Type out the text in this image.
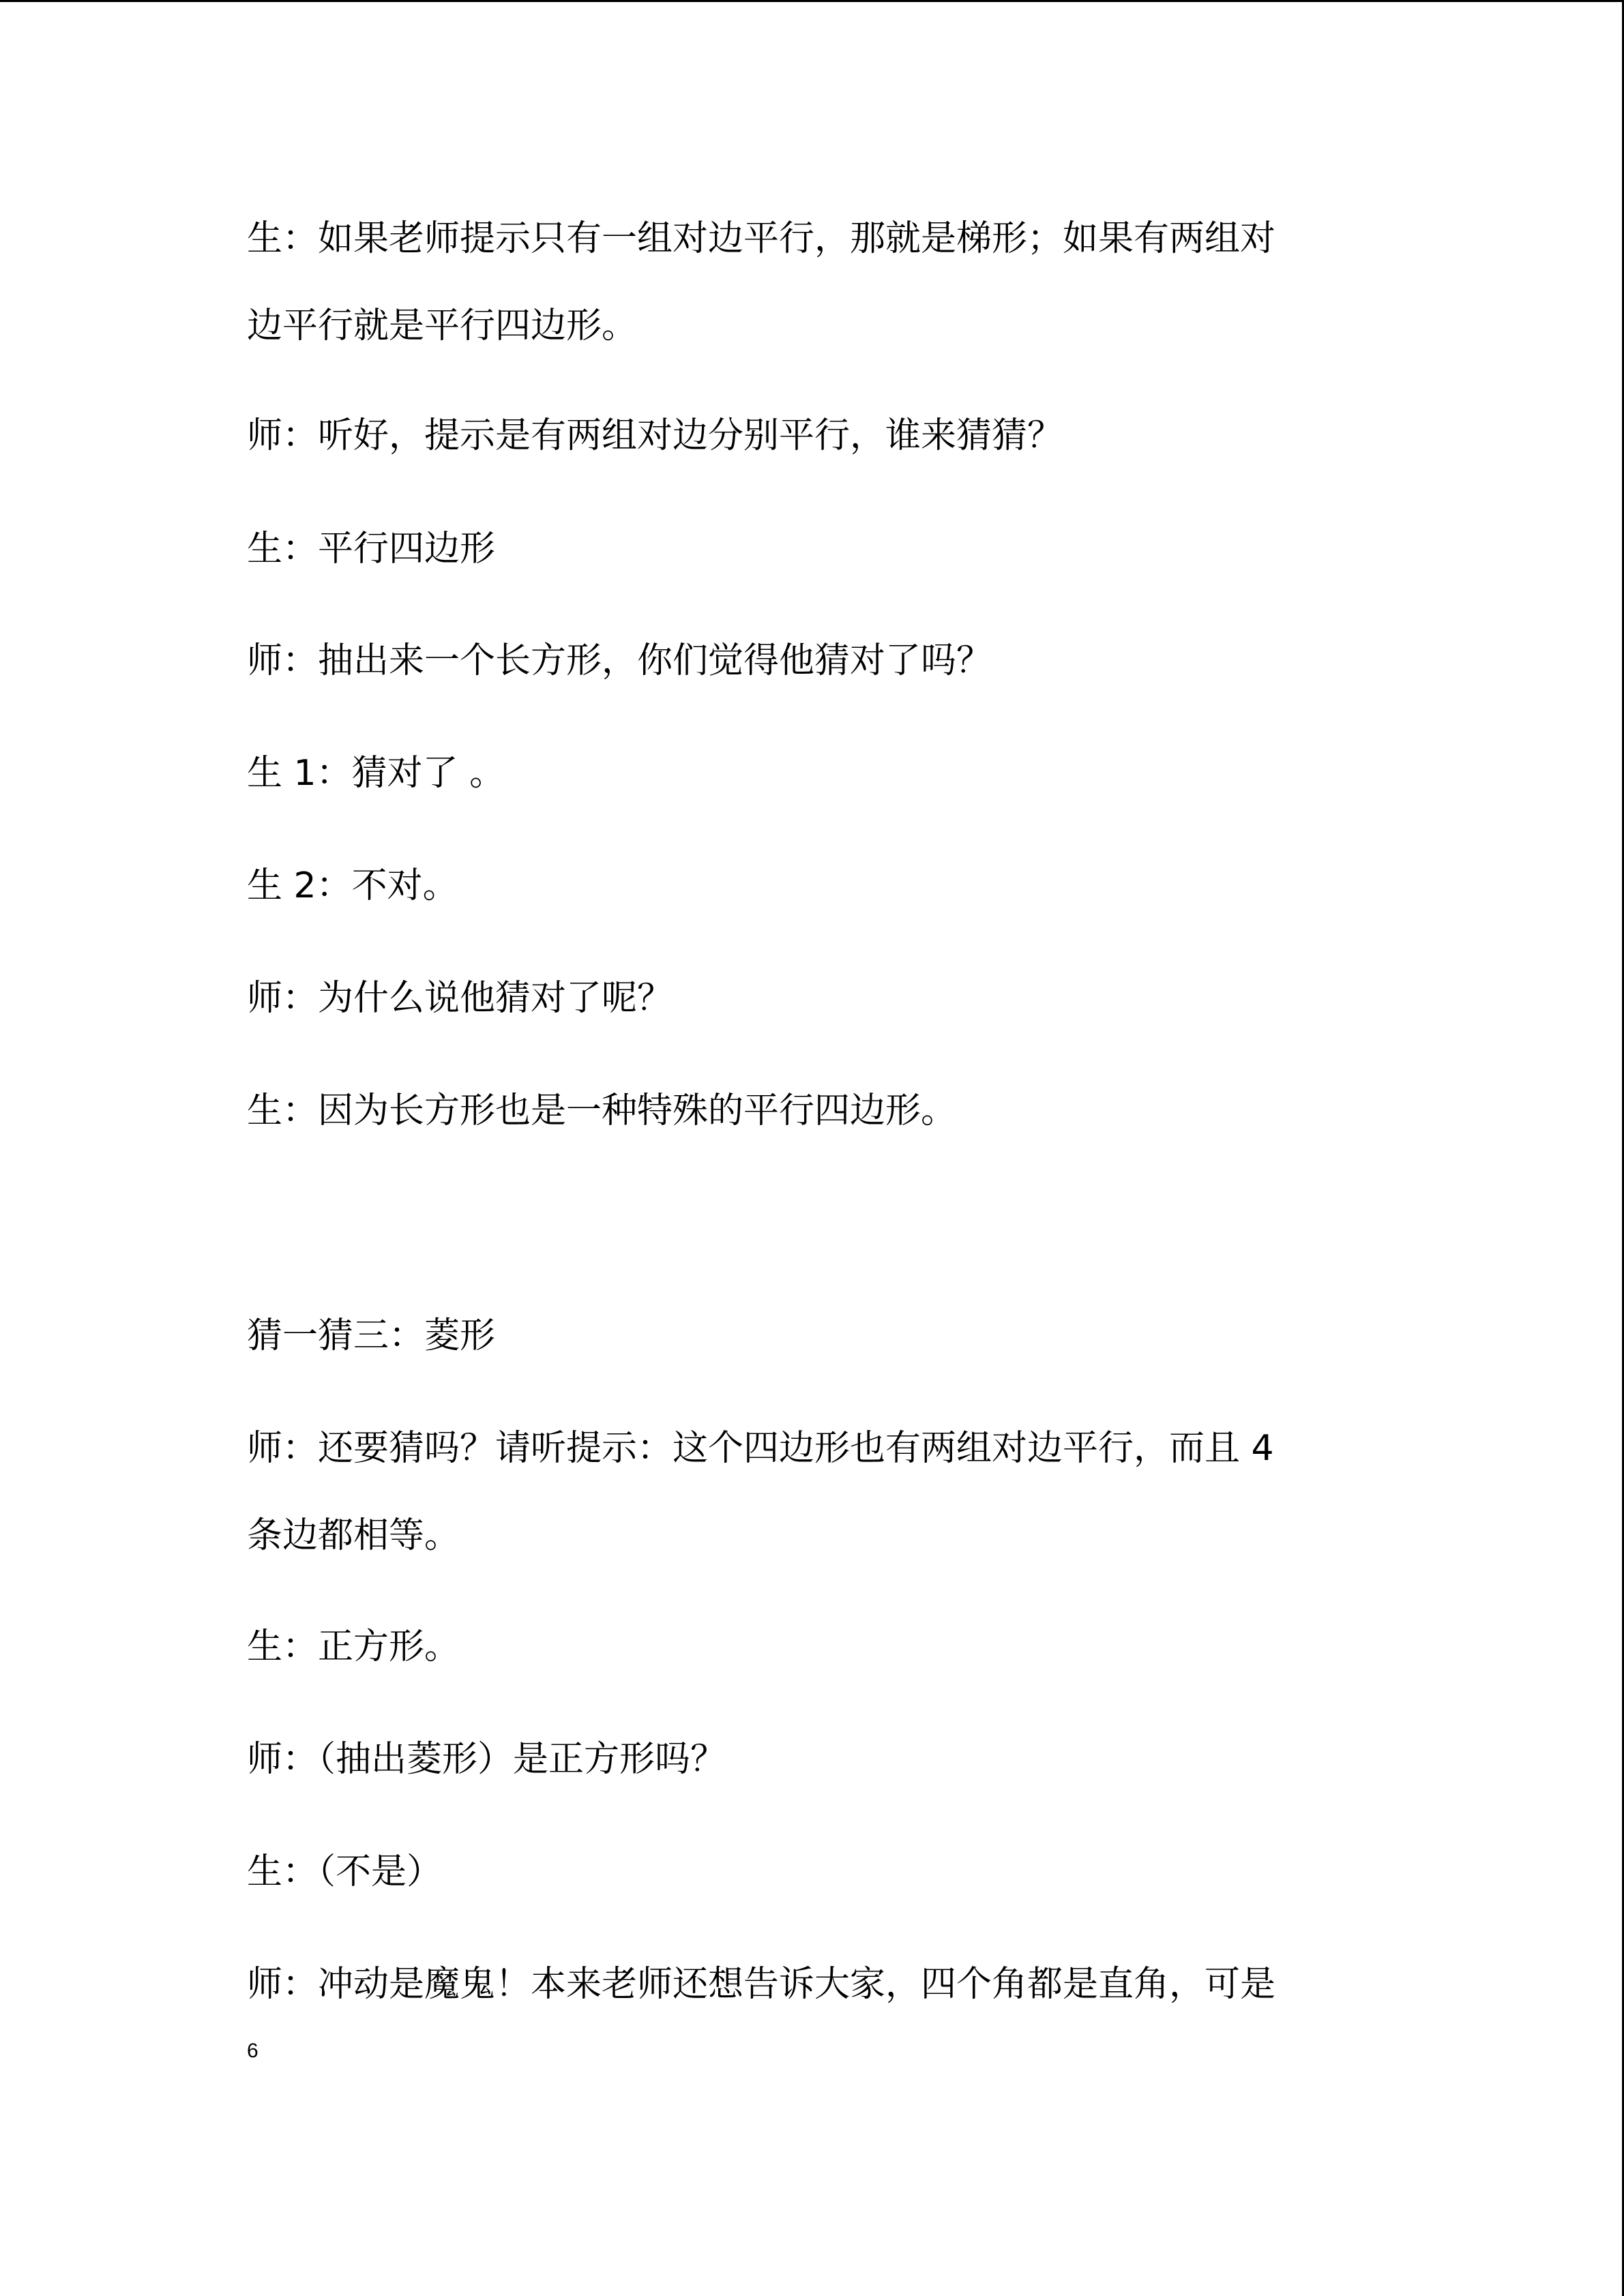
生：如果老师提示只有一组对边平行，那就是梯形；如果有两组对
边平行就是平行四边形。
师：听好，提示是有两组对边分别平行，谁来猜猜？
生：平行四边形
师：抽出来一个长方形，你们觉得他猜对了吗？
生 1：猜对了 。
生 2：不对。
师：为什么说他猜对了呢？
生：因为长方形也是一种特殊的平行四边形。
猜一猜三：菱形
师：还要猜吗？请听提示：这个四边形也有两组对边平行，而且 4
条边都相等。
生：正方形。
师：（抽出菱形）是正方形吗？
生：（不是）
师：冲动是魔鬼！本来老师还想告诉大家，四个角都是直角，可是
6
